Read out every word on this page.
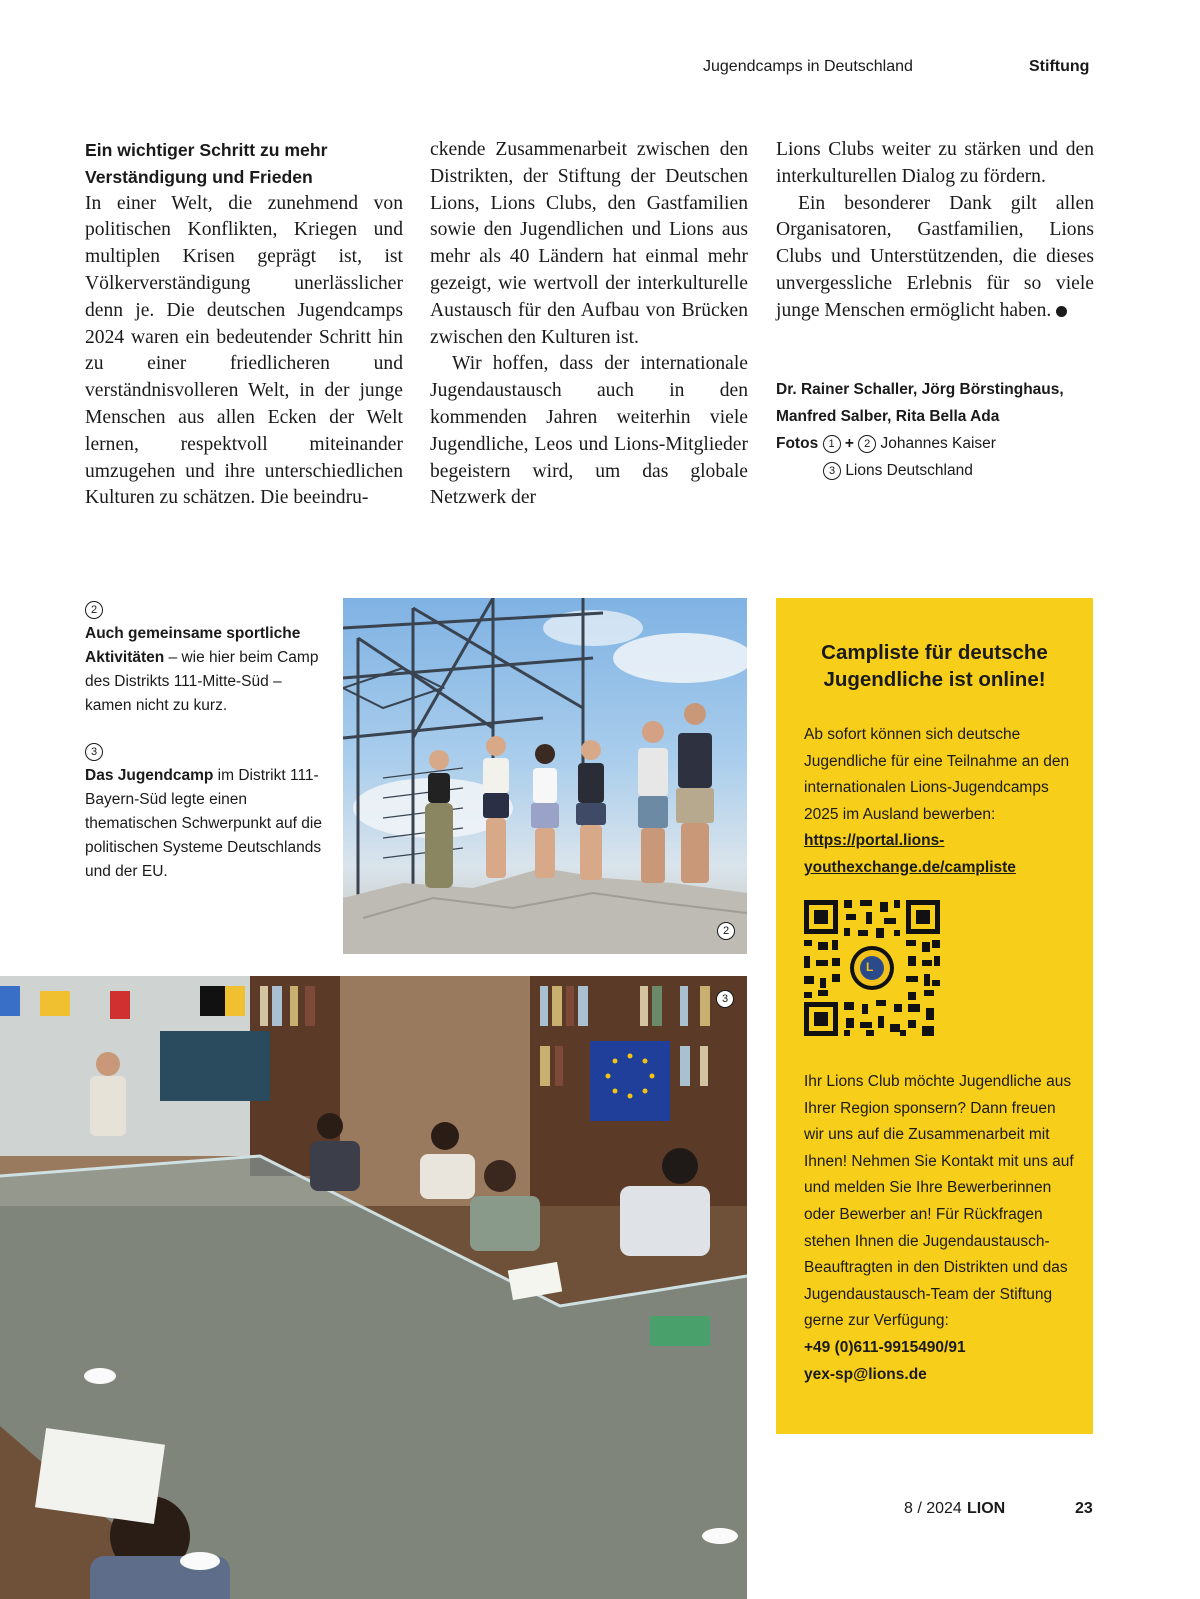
Jugendcamps in Deutschland	Stiftung

Ein wichtiger Schritt zu mehr Verständigung und Frieden

In einer Welt, die zunehmend von politischen Konflikten, Kriegen und multiplen Krisen geprägt ist, ist Völkerverständigung unerlässlicher denn je. Die deutschen Jugendcamps 2024 waren ein bedeutender Schritt hin zu einer friedlicheren und verständnisvolleren Welt, in der junge Menschen aus allen Ecken der Welt lernen, respektvoll miteinander umzugehen und ihre unterschiedlichen Kulturen zu schätzen. Die beeindru-

ckende Zusammenarbeit zwischen den Distrikten, der Stiftung der Deutschen Lions, Lions Clubs, den Gastfamilien sowie den Jugendlichen und Lions aus mehr als 40 Ländern hat einmal mehr gezeigt, wie wertvoll der interkulturelle Austausch für den Aufbau von Brücken zwischen den Kulturen ist.

Wir hoffen, dass der internationale Jugendaustausch auch in den kommenden Jahren weiterhin viele Jugendliche, Leos und Lions-Mitglieder begeistern wird, um das globale Netzwerk der

Lions Clubs weiter zu stärken und den interkulturellen Dialog zu fördern.

Ein besonderer Dank gilt allen Organisatoren, Gastfamilien, Lions Clubs und Unterstützenden, die dieses unvergessliche Erlebnis für so viele junge Menschen ermöglicht haben.	L

Dr. Rainer Schaller, Jörg Börstinghaus,
Manfred Salber, Rita Bella Ada
Fotos 1 + 2 Johannes Kaiser
3 Lions Deutschland

2

Auch gemeinsame sportliche Aktivitäten – wie hier beim Camp des Distrikts 111-Mitte-Süd – kamen nicht zu kurz.

3

Das Jugendcamp im Distrikt 111-Bayern-Süd legte einen thematischen Schwerpunkt auf die politischen Systeme Deutschlands und der EU.

2
3

Campliste für deutsche Jugendliche ist online!

Ab sofort können sich deutsche Jugendliche für eine Teilnahme an den internationalen Lions-Jugendcamps 2025 im Ausland bewerben:
https://portal.lions-youthexchange.de/campliste

L

Ihr Lions Club möchte Jugendliche aus Ihrer Region sponsern? Dann freuen wir uns auf die Zusammenarbeit mit Ihnen! Nehmen Sie Kontakt mit uns auf und melden Sie Ihre Bewerberinnen oder Bewerber an! Für Rückfragen stehen Ihnen die Jugendaustausch-Beauftragten in den Distrikten und das Jugendaustausch-Team der Stiftung gerne zur Verfügung:
+49 (0)611-9915490/91
yex-sp@lions.de

8 / 2024 LION	23
